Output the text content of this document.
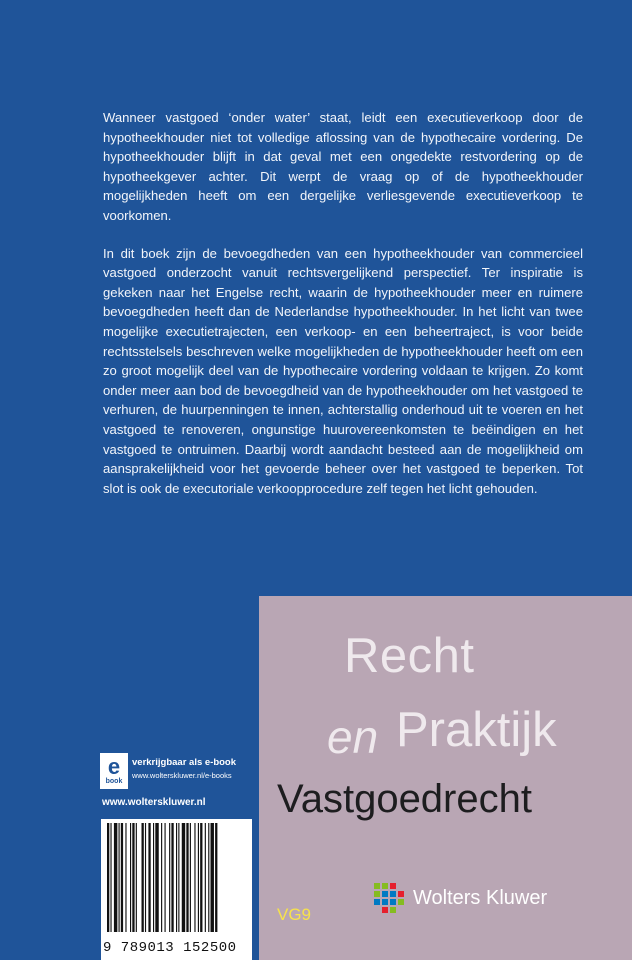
Wanneer vastgoed ‘onder water’ staat, leidt een executieverkoop door de hypotheekhouder niet tot volledige aflossing van de hypothecaire vordering. De hypotheekhouder blijft in dat geval met een ongedekte restvordering op de hypotheekgever achter. Dit werpt de vraag op of de hypotheekhouder mogelijkheden heeft om een dergelijke verliesgevende executieverkoop te voorkomen.

In dit boek zijn de bevoegdheden van een hypotheekhouder van commercieel vastgoed onderzocht vanuit rechtsvergelijkend perspectief. Ter inspiratie is gekeken naar het Engelse recht, waarin de hypotheekhouder meer en ruimere bevoegdheden heeft dan de Nederlandse hypotheekhouder. In het licht van twee mogelijke executietrajecten, een verkoop- en een beheertraject, is voor beide rechtsstelsels beschreven welke mogelijkheden de hypotheekhouder heeft om een zo groot mogelijk deel van de hypothecaire vordering voldaan te krijgen. Zo komt onder meer aan bod de bevoegdheid van de hypotheekhouder om het vastgoed te verhuren, de huurpenningen te innen, achterstallig onderhoud uit te voeren en het vastgoed te renoveren, ongunstige huurovereenkomsten te beëindigen en het vastgoed te ontruimen. Daarbij wordt aandacht besteed aan de mogelijkheid om aansprakelijkheid voor het gevoerde beheer over het vastgoed te beperken. Tot slot is ook de executoriale verkoopprocedure zelf tegen het licht gehouden.

e
book
verkrijgbaar als e-book
www.wolterskluwer.nl/e-books
www.wolterskluwer.nl
9 789013 152500
Recht
en Praktijk
Vastgoedrecht
VG9
Wolters Kluwer
